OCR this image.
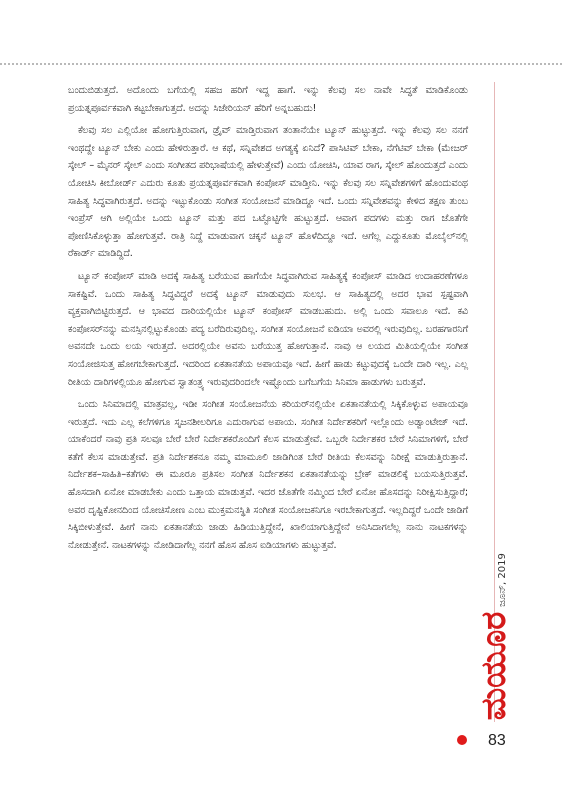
ಬಂದುಬಿಡುತ್ತದೆ. ಅದೊಂದು ಬಗೆಯಲ್ಲಿ ಸಹಜ ಹರಿಗೆ ಇದ್ದ ಹಾಗೆ. ಇನ್ನು ಕೆಲವು ಸಲ ನಾವೇ ಸಿದ್ಧತೆ ಮಾಡಿಕೊಂಡು ಪ್ರಯತ್ನಪೂರ್ವಕವಾಗಿ ಕಟ್ಟಬೇಕಾಗುತ್ತದೆ. ಅದನ್ನು ಸಿಜೇರಿಯನ್ ಹೆರಿಗೆ ಅನ್ನಬಹುದು!

ಕೆಲವು ಸಲ ಎಲ್ಲಿಯೋ ಹೋಗುತ್ತಿರುವಾಗ, ಡ್ರೈವ್ ಮಾಡ್ತಿರುವಾಗ ತಂತಾನೆಯೇ ಟ್ಯೂನ್ ಹುಟ್ಟುತ್ತದೆ. ಇನ್ನು ಕೆಲವು ಸಲ ನನಗೆ ಇಂಥದ್ದೇ ಟ್ಯೂನ್ ಬೇಕು ಎಂದು ಹೇಳಿರುತ್ತಾರೆ. ಆ ಕಥೆ, ಸನ್ನಿವೇಶದ ಅಗತ್ಯಕ್ಕೆ ಏನಿದೆ? ಪಾಸಿಟಿವ್ ಬೇಕಾ, ನೆಗೆಟಿವ್ ಬೇಕಾ (ಮೇಜರ್ ಸ್ಕೇಲ್ – ಮೈನರ್ ಸ್ಕೇಲ್ ಎಂದು ಸಂಗೀತದ ಪರಿಭಾಷೆಯಲ್ಲಿ ಹೇಳುತ್ತೇವೆ) ಎಂದು ಯೋಚಿಸಿ, ಯಾವ ರಾಗ, ಸ್ಕೇಲ್ ಹೊಂದುತ್ತದೆ ಎಂದು ಯೋಚಿಸಿ ಕೀಬೋರ್ಡ್ ಎದುರು ಕೂತು ಪ್ರಯತ್ನಪೂರ್ವಕವಾಗಿ ಕಂಪೋಸ್ ಮಾಡ್ತೀನಿ. ಇನ್ನು ಕೆಲವು ಸಲ ಸನ್ನಿವೇಶಗಳಿಗೆ ಹೊಂದುವಂಥ ಸಾಹಿತ್ಯ ಸಿದ್ಧವಾಗಿರುತ್ತದೆ. ಅದನ್ನು ಇಟ್ಟುಕೊಂಡು ಸಂಗೀತ ಸಂಯೋಜನೆ ಮಾಡಿದ್ದೂ ಇದೆ. ಒಂದು ಸನ್ನಿವೇಶವನ್ನು ಕೇಳಿದ ತಕ್ಷಣ ತುಂಬ ಇಂಪ್ರೆಸ್ ಆಗಿ ಅಲ್ಲಿಯೇ ಒಂದು ಟ್ಯೂನ್ ಮತ್ತು ಪದ ಒಟ್ಟೊಟ್ಟಿಗೇ ಹುಟ್ಟುತ್ತದೆ. ಆವಾಗ ಪದಗಳು ಮತ್ತು ರಾಗ ಜೊತೆಗೇ ಪೋಣಿಸಿಕೊಳ್ಳುತ್ತಾ ಹೋಗುತ್ತವೆ. ರಾತ್ರಿ ನಿದ್ದೆ ಮಾಡುವಾಗ ಚಕ್ಕನೆ ಟ್ಯೂನ್ ಹೊಳೆದಿದ್ದೂ ಇದೆ. ಆಗೆಲ್ಲ ಎದ್ದುಕೂತು ಮೊಬೈಲ್‌ನಲ್ಲಿ ರೆಕಾರ್ಡ್ ಮಾಡಿದ್ದಿದೆ.

ಟ್ಯೂನ್ ಕಂಪೋಸ್ ಮಾಡಿ ಅದಕ್ಕೆ ಸಾಹಿತ್ಯ ಬರೆಯುವ ಹಾಗೆಯೇ ಸಿದ್ಧವಾಗಿರುವ ಸಾಹಿತ್ಯಕ್ಕೆ ಕಂಪೋಸ್ ಮಾಡಿದ ಉದಾಹರಣೆಗಳೂ ಸಾಕಷ್ಟಿವೆ. ಒಂದು ಸಾಹಿತ್ಯ ಸಿದ್ಧವಿದ್ದರೆ ಅದಕ್ಕೆ ಟ್ಯೂನ್ ಮಾಡುವುದು ಸುಲಭ. ಆ ಸಾಹಿತ್ಯದಲ್ಲಿ ಅದರ ಭಾವ ಸ್ಪಷ್ಟವಾಗಿ ವ್ಯಕ್ತವಾಗಿಬಿಟ್ಟಿರುತ್ತದೆ. ಆ ಭಾವದ ದಾರಿಯಲ್ಲಿಯೇ ಟ್ಯೂನ್ ಕಂಪೋಸ್ ಮಾಡಬಹುದು. ಅಲ್ಲಿ ಒಂದು ಸವಾಲೂ ಇದೆ. ಕವಿ ಕಂಪೋಸರ್‌ನನ್ನು ಮನಸ್ಸಿನಲ್ಲಿಟ್ಟುಕೊಂಡು ಪದ್ಯ ಬರೆದಿರುವುದಿಲ್ಲ. ಸಂಗೀತ ಸಂಯೋಜನೆ ಐಡಿಯಾ ಅವರಲ್ಲಿ ಇರುವುದಿಲ್ಲ. ಬರಹಗಾರನಿಗೆ ಅವನದೇ ಒಂದು ಲಯ ಇರುತ್ತದೆ. ಅದರಲ್ಲಿಯೇ ಅವನು ಬರೆಯುತ್ತ ಹೋಗುತ್ತಾನೆ. ನಾವು ಆ ಲಯದ ಮಿತಿಯಲ್ಲಿಯೇ ಸಂಗೀತ ಸಂಯೋಜಿಸುತ್ತ ಹೋಗಬೇಕಾಗುತ್ತದೆ. ಇದರಿಂದ ಏಕತಾನತೆಯ ಅಪಾಯವೂ ಇದೆ. ಹೀಗೆ ಹಾಡು ಕಟ್ಟುವುದಕ್ಕೆ ಒಂದೇ ದಾರಿ ಇಲ್ಲ. ಎಲ್ಲ ರೀತಿಯ ದಾರಿಗಳಲ್ಲಿಯೂ ಹೋಗುವ ಸ್ವಾತಂತ್ರ್ಯ ಇರುವುದರಿಂದಲೇ ಇಷ್ಟೊಂದು ಬಗೆಬಗೆಯ ಸಿನಿಮಾ ಹಾಡುಗಳು ಬರುತ್ತವೆ.

ಒಂದು ಸಿನಿಮಾದಲ್ಲಿ ಮಾತ್ರವಲ್ಲ, ಇಡೀ ಸಂಗೀತ ಸಂಯೋಜನೆಯ ಕರಿಯರ್‌ನಲ್ಲಿಯೇ ಏಕತಾನತೆಯಲ್ಲಿ ಸಿಕ್ಕಿಕೊಳ್ಳುವ ಅಪಾಯವೂ ಇರುತ್ತದೆ. ಇದು ಎಲ್ಲ ಕಲೆಗಳಿಗೂ ಸೃಜನಶೀಲರಿಗೂ ಎದುರಾಗುವ ಅಪಾಯ. ಸಂಗೀತ ನಿರ್ದೇಶಕರಿಗೆ ಇಲ್ಲೊಂದು ಅಡ್ವಾಂಟೇಜ್ ಇದೆ. ಯಾಕೆಂದರೆ ನಾವು ಪ್ರತಿ ಸಲವೂ ಬೇರೆ ಬೇರೆ ನಿರ್ದೇಶಕರೊಂದಿಗೆ ಕೆಲಸ ಮಾಡುತ್ತೇವೆ. ಒಬ್ಬರೇ ನಿರ್ದೇಶಕರ ಬೇರೆ ಸಿನಿಮಾಗಳಿಗೆ, ಬೇರೆ ಕತೆಗೆ ಕೆಲಸ ಮಾಡುತ್ತೇವೆ. ಪ್ರತಿ ನಿರ್ದೇಶಕನೂ ನಮ್ಮ ಮಾಮೂಲಿ ಜಾಡಿಗಿಂತ ಬೇರೆ ರೀತಿಯ ಕೆಲಸವನ್ನು ನಿರೀಕ್ಷೆ ಮಾಡುತ್ತಿರುತ್ತಾನೆ. ನಿರ್ದೇಶಕ–ಸಾಹಿತಿ–ಕತೆಗಳು ಈ ಮೂರೂ ಪ್ರತಿಸಲ ಸಂಗೀತ ನಿರ್ದೇಶಕನ ಏಕತಾನತೆಯನ್ನು ಬ್ರೇಕ್ ಮಾಡಲಿಕ್ಕೆ ಬಯಸುತ್ತಿರುತ್ತವೆ. ಹೊಸದಾಗಿ ಏನೋ ಮಾಡಬೇಕು ಎಂದು ಒತ್ತಾಯ ಮಾಡುತ್ತವೆ. ಇದರ ಜೊತೆಗೇ ನಮ್ಮಿಂದ ಬೇರೆ ಏನೋ ಹೊಸದನ್ನು ನಿರೀಕ್ಷಿಸುತ್ತಿದ್ದಾರೆ; ಅವರ ದೃಷ್ಟಿಕೋನದಿಂದ ಯೋಚಿಸೋಣ ಎಂಬ ಮುಕ್ತಮನಸ್ಥಿತಿ ಸಂಗೀತ ಸಂಯೋಜಕನಿಗೂ ಇರಬೇಕಾಗುತ್ತದೆ. ಇಲ್ಲದಿದ್ದರೆ ಒಂದೇ ಜಾಡಿಗೆ ಸಿಕ್ಕಿಬೀಳುತ್ತೇವೆ. ಹೀಗೆ ನಾನು ಏಕತಾನತೆಯ ಜಾಡು ಹಿಡಿಯುತ್ತಿದ್ದೇನೆ, ಖಾಲಿಯಾಗುತ್ತಿದ್ದೇನೆ ಅನಿಸಿದಾಗಲೆಲ್ಲ ನಾನು ನಾಟಕಗಳನ್ನು ನೋಡುತ್ತೇನೆ. ನಾಟಕಗಳನ್ನು ನೋಡಿದಾಗೆಲ್ಲ ನನಗೆ ಹೊಸ ಹೊಸ ಐಡಿಯಾಗಳು ಹುಟ್ಟುತ್ತವೆ.

ಜೂನ್, 2019
ಮಯೂರ
83
